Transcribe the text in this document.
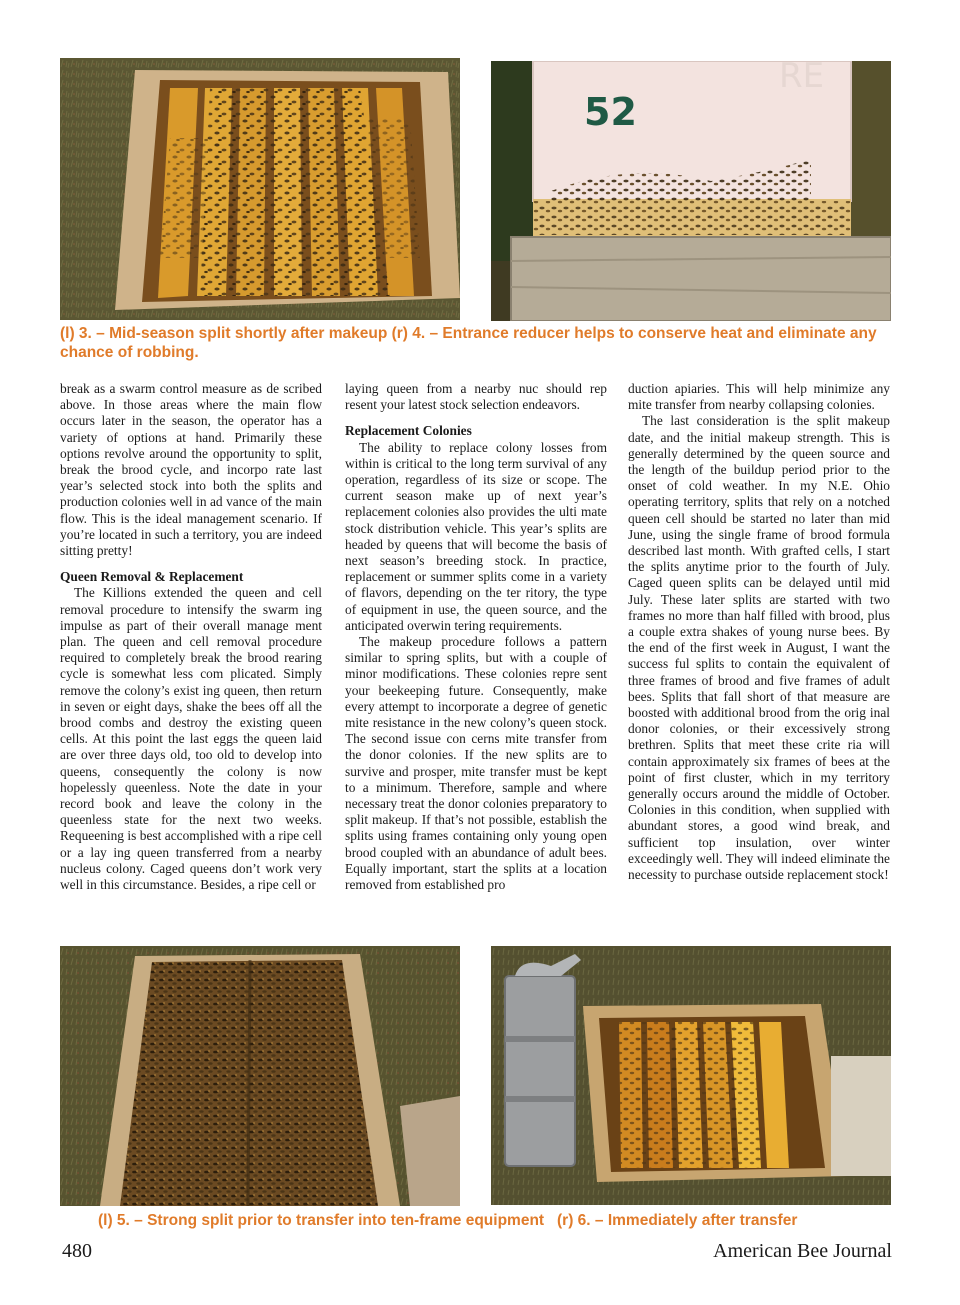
52
RE
(l) 3. – Mid-season split shortly after makeup (r) 4. – Entrance reducer helps to conserve heat and eliminate any chance of robbing.

break as a swarm control measure as de scribed above. In those areas where the main flow occurs later in the season, the operator has a variety of options at hand. Primarily these options revolve around the opportunity to split, break the brood cycle, and incorpo rate last year’s selected stock into both the splits and production colonies well in ad vance of the main flow. This is the ideal management scenario. If you’re located in such a territory, you are indeed sitting pretty!

Queen Removal & Replacement

The Killions extended the queen and cell removal procedure to intensify the swarm ing impulse as part of their overall manage ment plan. The queen and cell removal procedure required to completely break the brood rearing cycle is somewhat less com plicated. Simply remove the colony’s exist ing queen, then return in seven or eight days, shake the bees off all the brood combs and destroy the existing queen cells. At this point the last eggs the queen laid are over three days old, too old to develop into queens, consequently the colony is now hopelessly queenless. Note the date in your record book and leave the colony in the queenless state for the next two weeks. Requeening is best accomplished with a ripe cell or a lay ing queen transferred from a nearby nucleus colony. Caged queens don’t work very well in this circumstance. Besides, a ripe cell or

laying queen from a nearby nuc should rep resent your latest stock selection endeavors.

Replacement Colonies

The ability to replace colony losses from within is critical to the long term survival of any operation, regardless of its size or scope. The current season make up of next year’s replacement colonies also provides the ulti mate stock distribution vehicle. This year’s splits are headed by queens that will become the basis of next season’s breeding stock. In practice, replacement or summer splits come in a variety of flavors, depending on the ter ritory, the type of equipment in use, the queen source, and the anticipated overwin tering requirements.

The makeup procedure follows a pattern similar to spring splits, but with a couple of minor modifications. These colonies repre sent your beekeeping future. Consequently, make every attempt to incorporate a degree of genetic mite resistance in the new colony’s queen stock. The second issue con cerns mite transfer from the donor colonies. If the new splits are to survive and prosper, mite transfer must be kept to a minimum. Therefore, sample and where necessary treat the donor colonies preparatory to split makeup. If that’s not possible, establish the splits using frames containing only young open brood coupled with an abundance of adult bees. Equally important, start the splits at a location removed from established pro

duction apiaries. This will help minimize any mite transfer from nearby collapsing colonies.

The last consideration is the split makeup date, and the initial makeup strength. This is generally determined by the queen source and the length of the buildup period prior to the onset of cold weather. In my N.E. Ohio operating territory, splits that rely on a notched queen cell should be started no later than mid June, using the single frame of brood formula described last month. With grafted cells, I start the splits anytime prior to the fourth of July. Caged queen splits can be delayed until mid July. These later splits are started with two frames no more than half filled with brood, plus a couple extra shakes of young nurse bees. By the end of the first week in August, I want the success ful splits to contain the equivalent of three frames of brood and five frames of adult bees. Splits that fall short of that measure are boosted with additional brood from the orig inal donor colonies, or their excessively strong brethren. Splits that meet these crite ria will contain approximately six frames of bees at the point of first cluster, which in my territory generally occurs around the middle of October. Colonies in this condition, when supplied with abundant stores, a good wind break, and sufficient top insulation, over winter exceedingly well. They will indeed eliminate the necessity to purchase outside replacement stock!

(l) 5. – Strong split prior to transfer into ten-frame equipment   (r) 6. – Immediately after transfer
480	American Bee Journal
